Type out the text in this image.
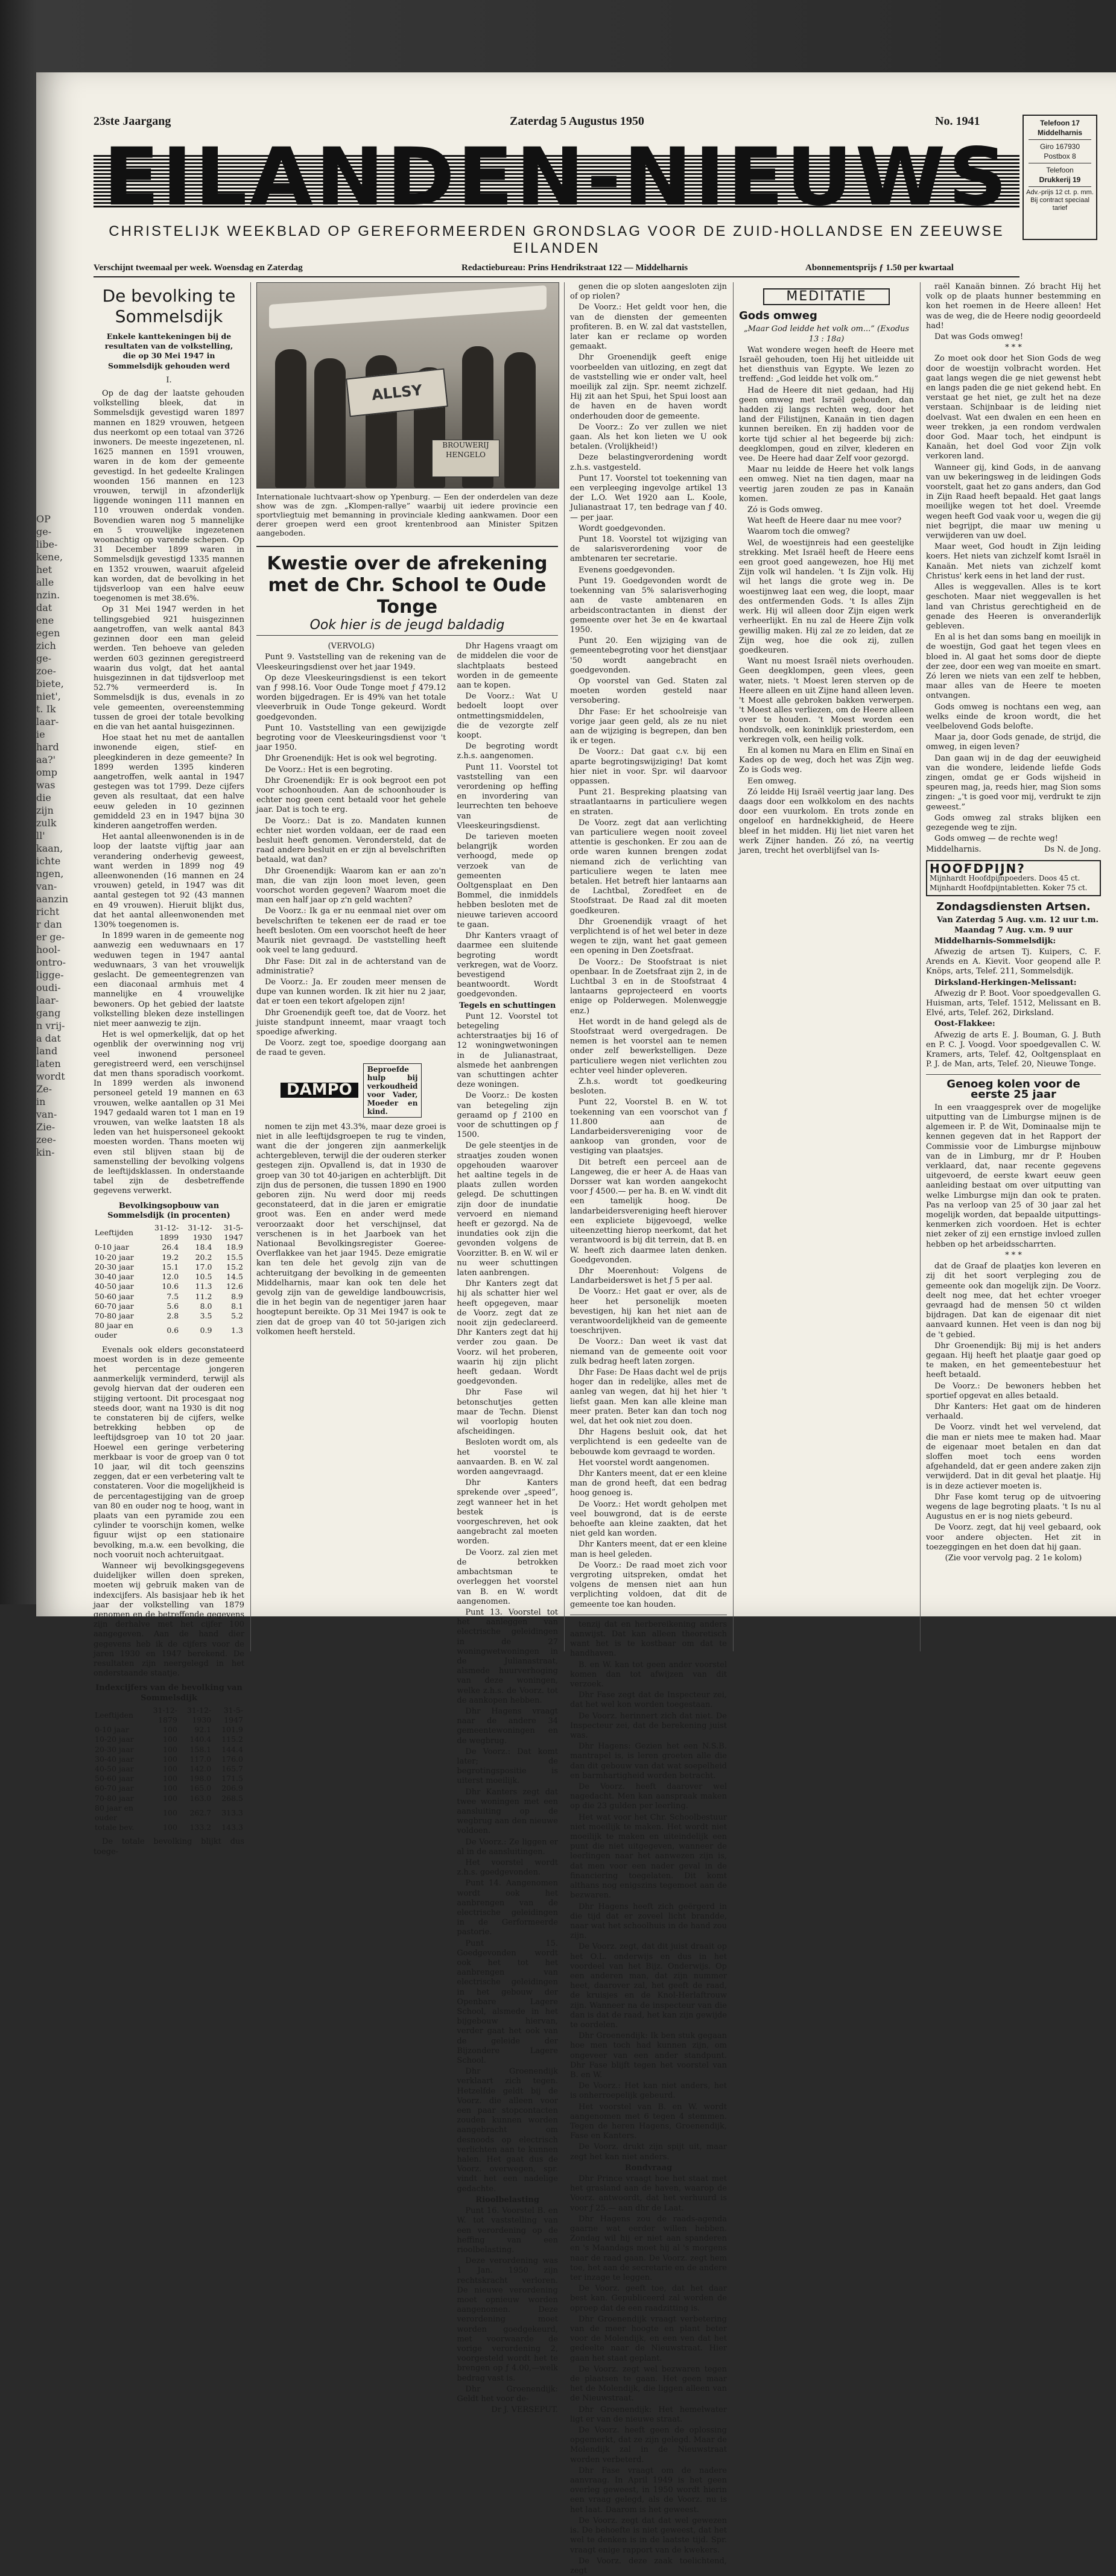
OP
ge-
libe-
kene,
het
alle
nzin.
dat
ene
egen
zich
ge-
zoe-
biete,
niet',
t. Ik
laar-
ie
hard
aa?'
omp
was
die
zijn
zulk
ll'
kaan,
ichte
ngen,
van-
aanzin
richt
r dan
er ge-
hool-
ontro-
ligge-
oudi-
laar-
gang
n vrij-
a dat
land
laten
wordt
Ze-
in
van-
Zie-
zee-
kin-
23ste Jaargang	Zaterdag 5 Augustus 1950	No. 1941	Telefoon 17
Middelharnis
Giro 167930
Postbox 8
Telefoon
Drukkerij 19
Adv.-prijs 12 ct. p. mm. Bij contract speciaal tarief
EILANDEN-NIEUWS
CHRISTELIJK WEEKBLAD OP GEREFORMEERDEN GRONDSLAG VOOR DE ZUID-HOLLANDSE EN ZEEUWSE EILANDEN
Verschijnt tweemaal per week. Woensdag en Zaterdag	Redactiebureau: Prins Hendrikstraat 122 — Middelharnis	Abonnementsprijs ƒ 1.50 per kwartaal
De bevolking te Sommelsdijk

Enkele kanttekeningen bij de resultaten van de volkstelling, die op 30 Mei 1947 in Sommelsdijk gehouden werd

I.

Op de dag der laatste gehouden volkstelling bleek, dat in Sommelsdijk gevestigd waren 1897 mannen en 1829 vrouwen, hetgeen dus neerkomt op een totaal van 3726 inwoners. De meeste ingezetenen, nl. 1625 mannen en 1591 vrouwen, waren in de kom der gemeente gevestigd. In het gedeelte Kralingen woonden 156 mannen en 123 vrouwen, terwijl in afzonderlijk liggende woningen 111 mannen en 110 vrouwen onderdak vonden. Bovendien waren nog 5 mannelijke en 5 vrouwelijke ingezetenen woonachtig op varende schepen. Op 31 December 1899 waren in Sommelsdijk gevestigd 1335 mannen en 1352 vrouwen, waaruit afgeleid kan worden, dat de bevolking in het tijdsverloop van een halve eeuw toegenomen is met 38.6%.

Op 31 Mei 1947 werden in het tellingsgebied 921 huisgezinnen aangetroffen, van welk aantal 843 gezinnen door een man geleid werden. Ten behoeve van geleden werden 603 gezinnen geregistreerd waarin dus volgt, dat het aantal huisgezinnen in dat tijdsverloop met 52.7% vermeerderd is. In Sommelsdijk is dus, evenals in zo vele gemeenten, overeenstemming tussen de groei der totale bevolking en die van het aantal huisgezinnen.

Hoe staat het nu met de aantallen inwonende eigen, stief- en pleegkinderen in deze gemeente? In 1899 werden 1395 kinderen aangetroffen, welk aantal in 1947 gestegen was tot 1799. Deze cijfers geven als resultaat, dat een halve eeuw geleden in 10 gezinnen gemiddeld 23 en in 1947 bijna 30 kinderen aangetroffen werden.

Het aantal alleenwonenden is in de loop der laatste vijftig jaar aan verandering onderhevig geweest, want werden in 1899 nog 49 alleenwonenden (16 mannen en 24 vrouwen) geteld, in 1947 was dit aantal gestegen tot 92 (43 mannen en 49 vrouwen). Hieruit blijkt dus, dat het aantal alleenwonenden met 130% toegenomen is.

In 1899 waren in de gemeente nog aanwezig een weduwnaars en 17 weduwen tegen in 1947 aantal weduwnaars, 3 van het vrouwelijk geslacht. De gemeentegrenzen van een diaconaal armhuis met 4 mannelijke en 4 vrouwelijke bewoners. Op het gebied der laatste volkstelling bleken deze instellingen niet meer aanwezig te zijn.

Het is wel opmerkelijk, dat op het ogenblik der overwinning nog vrij veel inwonend personeel geregistreerd werd, een verschijnsel dat men thans sporadisch voorkomt. In 1899 werden als inwonend personeel geteld 19 mannen en 63 vrouwen, welke aantallen op 31 Mei 1947 gedaald waren tot 1 man en 19 vrouwen, van welke laatsten 18 als leden van het huispersoneel gekookt moesten worden. Thans moeten wij even stil blijven staan bij de samenstelling der bevolking volgens de leeftijdsklassen. In onderstaande tabel zijn de desbetreffende gegevens verwerkt.

Bevolkingsopbouw van Sommelsdijk (in procenten)

Leeftijden	31-12-1899	31-12-1930	31-5-1947
0-10 jaar	26.4	18.4	18.9
10-20 jaar	19.2	20.2	15.5
20-30 jaar	15.1	17.0	15.2
30-40 jaar	12.0	10.5	14.5
40-50 jaar	10.6	11.3	12.6
50-60 jaar	7.5	11.2	8.9
60-70 jaar	5.6	8.0	8.1
70-80 jaar	2.8	3.5	5.2
80 jaar en ouder	0.6	0.9	1.3

Evenals ook elders geconstateerd moest worden is in deze gemeente het percentage jongeren aanmerkelijk verminderd, terwijl als gevolg hiervan dat der ouderen een stijging vertoont. Dit procesgaat nog steeds door, want na 1930 is dit nog te constateren bij de cijfers, welke betrekking hebben op de leeftijdsgroep van 10 tot 20 jaar. Hoewel een geringe verbetering merkbaar is voor de groep van 0 tot 10 jaar, wil dit toch geenszins zeggen, dat er een verbetering valt te constateren. Voor die mogelijkheid is de percentagestijging van de groep van 80 en ouder nog te hoog, want in plaats van een pyramide zou een cylinder te voorschijn komen, welke figuur wijst op een stationaire bevolking, m.a.w. een bevolking, die noch vooruit noch achteruitgaat.

Wanneer wij bevolkingsgegevens duidelijker willen doen spreken, moeten wij gebruik maken van de indexcijfers. Als basisjaar heb ik het jaar der volkstelling van 1879 genomen en de betreffende gegevens zijn derhalve met het cijfer 100 aangegeven. Aan de hand dier gegevens heb ik de cijfers voor de jaren 1930 en 1947 berekend. De resultaten zijn neergelegd in het onderstaande staatje.

Indexcijfers van de bevolking van Sommelsdijk

Leeftijden	31-12-1879	31-12-1930	31-5-1947
0-10 jaar	100	92.1	101.9
10-20 jaar	100	140.4	115.2
20-30 jaar	100	158.1	144.4
30-40 jaar	100	117.0	176.0
40-50 jaar	100	142.0	165.7
50-60 jaar	100	198.0	171.5
60-70 jaar	100	165.0	206.9
70-80 jaar	100	163.0	268.5
80 jaar en ouder	100	262.7	313.3
totale bev.	100	133.2	143.3

De totale bevolking blijkt dus toege-

ALLSY
BROUWERIJ HENGELO
Internationale luchtvaart-show op Ypenburg. — Een der onderdelen van deze show was de zgn. „Klompen-rallye” waarbij uit iedere provincie een sportvliegtuig met bemanning in provinciale kleding aankwamen. Door een derer groepen werd een groot krentenbrood aan Minister Spitzen aangeboden.
Kwestie over de afrekening met de Chr. School te Oude Tonge
Ook hier is de jeugd baldadig

(VERVOLG)

Punt 9. Vaststelling van de rekening van de Vleeskeuringsdienst over het jaar 1949.

Op deze Vleeskeuringsdienst is een tekort van ƒ 998.16. Voor Oude Tonge moet ƒ 479.12 worden bijgedragen. Er is 49% van het totale vleeverbruik in Oude Tonge gekeurd. Wordt goedgevonden.

Punt 10. Vaststelling van een gewijzigde begroting voor de Vleeskeuringsdienst voor 't jaar 1950.

Dhr Groenendijk: Het is ook wel begroting.

De Voorz.: Het is een begroting.

Dhr Groenendijk: Er is ook begroot een pot voor schoonhouden. Aan de schoonhouder is echter nog geen cent betaald voor het gehele jaar. Dat is toch te erg.

De Voorz.: Dat is zo. Mandaten kunnen echter niet worden voldaan, eer de raad een besluit heeft genomen. Verondersteld, dat de raad andere besluit en er zijn al bevelschriften betaald, wat dan?

Dhr Groenendijk: Waarom kan er aan zo'n man, die van zijn loon moet leven, geen voorschot worden gegeven? Waarom moet die man een half jaar op z'n geld wachten?

De Voorz.: Ik ga er nu eenmaal niet over om bevelschriften te tekenen eer de raad er toe heeft besloten. Om een voorschot heeft de heer Maurik niet gevraagd. De vaststelling heeft ook veel te lang geduurd.

Dhr Fase: Dit zal in de achterstand van de administratie?

De Voorz.: Ja. Er zouden meer mensen de dupe van kunnen worden. Ik zit hier nu 2 jaar, dat er toen een tekort afgelopen zijn!

Dhr Groenendijk geeft toe, dat de Voorz. het juiste standpunt inneemt, maar vraagt toch spoedige afwerking.

De Voorz. zegt toe, spoedige doorgang aan de raad te geven.

DAMPO
Beproefde hulp bij verkoudheid voor Vader, Moeder en kind.

nomen te zijn met 43.3%, maar deze groei is niet in alle leeftijdsgroepen te rug te vinden, want die der jongeren zijn aanmerkelijk achtergebleven, terwijl die der ouderen sterker gestegen zijn. Opvallend is, dat in 1930 de groep van 30 tot 40-jarigen en achterblijft. Dit zijn dus de personen, die tussen 1890 en 1900 geboren zijn. Nu werd door mij reeds geconstateerd, dat in die jaren er emigratie groot was. Een en ander werd mede veroorzaakt door het verschijnsel, dat verschenen is in het Jaarboek van het Nationaal Bevolkingsregister Goeree-Overflakkee van het jaar 1945. Deze emigratie kan ten dele het gevolg zijn van de achteruitgang der bevolking in de gemeenten Middelharnis, maar kan ook ten dele het gevolg zijn van de geweldige landbouwcrisis, die in het begin van de negentiger jaren haar hoogtepunt bereikte. Op 31 Mei 1947 is ook te zien dat de groep van 40 tot 50-jarigen zich volkomen heeft hersteld.

Dhr Hagens vraagt om de middelen die voor de slachtplaats besteed worden in de gemeente aan te kopen.

De Voorz.: Wat U bedoelt loopt over ontmettingsmiddelen, die de vezorgte zelf koopt.

De begroting wordt z.h.s. aangenomen.

Punt 11. Voorstel tot vaststelling van een verordening op heffing en invordering van leurrechten ten behoeve van de Vleeskeuringsdienst.

De tarieven moeten belangrijk worden verhoogd, mede op verzoek van de gemeenten Ooltgensplaat en Den Bommel, die inmiddels hebben besloten met de nieuwe tarieven accoord te gaan.

Dhr Kanters vraagt of daarmee een sluitende begroting wordt verkregen, wat de Voorz. bevestigend beantwoordt. Wordt goedgevonden.

Tegels en schuttingen

Punt 12. Voorstel tot betegeling achterstraatjes bij 16 of 12 woningwetwoningen in de Julianastraat, alsmede het aanbrengen van schuttingen achter deze woningen.

De Voorz.: De kosten van betegeling zijn geraamd op ƒ 2100 en voor de schuttingen op ƒ 1500.

De gele steentjes in de straatjes zouden wonen opgehouden waarover het aaltine tegels in de plaats zullen worden gelegd. De schuttingen zijn door de inundatie vervoerd en niemand heeft er gezorgd. Na de inundaties ook zijn die gevonden volgens de Voorzitter. B. en W. wil er nu weer schuttingen laten aanbrengen.

Dhr Kanters zegt dat hij als schatter hier wel heeft opgegeven, maar de Voorz. zegt dat ze nooit zijn gedeclareerd. Dhr Kanters zegt dat hij verder zou gaan. De Voorz. wil het proberen, waarin hij zijn plicht heeft gedaan. Wordt goedgevonden.

Dhr Fase wil betonschutjes getten maar de Techn. Dienst wil voorlopig houten afscheidingen.

Besloten wordt om, als het voorstel te aanvaarden. B. en W. zal worden aangevraagd.

Dhr Kanters sprekende over „speed”, zegt wanneer het in het bestek is voorgeschreven, het ook aangebracht zal moeten worden.

De Voorz. zal zien met de betrokken ambachtsman te overleggen het voorstel van B. en W. wordt aangenomen.

Punt 13. Voorstel tot het aanleggen van electrische geleidingen in de 27 woningwetwoningen in de Julianastraat, alsmede huurverhoging van deze woningen, welke z.h.s. de Voorz. tot de aankopen hebben.

Dhr Hagens vraagt naar de andere 34 gemeentewoningen en de wegbrug.

De Voorz.: Dat komt later; de begrotingspositie is uiterst moeilijk.

Dhr Kanters zegt dat twee woningen met een aansluiting op de wegbrug aan den nieuwe voldoen.

De Voorz.: Ze liggen er al in de aansluitingen.

Het voorstel wordt z.h.s. goedgevonden.

Punt 14. Aangenomen wordt ook het aanbrengen van de electrische geleidingen in de Gerformeerde pastorie.

Punt 15. Goedgevonden wordt ook het tot het aanbrengen van electrische geleidingen in het gebouw der Openbare Lagere School, alsmede in het bijgebouw hiervan, verder gaat het ook van de geleide der Bijzondere Lagere School.

Dhr Groenendijk verklaart zich tegen. Hetzelfde geldt bij de Voorz. die alleen voor een paar stopcontacten zouden kunnen worden aangebracht om desnoods op electrisch verlichten aan te kunnen halen. Het gaat dus de Voorz. overwegen, spr. vindt het een nadelige gedachte.

Rioolbelasting

Punt 16. Voorstel B. en W. tot vaststelling van een verordening op de heffing van een rioolbelasting.

Deze verordening was 1 Jan. 1950 zijn rechtskracht verloren. De nieuwe verordening moet opnieuw worden aangenomen. Deze verordening moet worden goedgekeurd, met voorwaarde de vorige verordening 2, voorgesteld wordt het te brengen op ƒ 4.00,—welk bedrag vast is.

Dhr Groenendijk: Geldt het voor de-

Dr J. VERSEPUT.

genen die op sloten aangesloten zijn of op riolen?

De Voorz.: Het geldt voor hen, die van de diensten der gemeenten profiteren. B. en W. zal dat vaststellen, later kan er reclame op worden gemaakt.

Dhr Groenendijk geeft enige voorbeelden van uitlozing, en zegt dat de vaststelling wie er onder valt, heel moeilijk zal zijn. Spr. neemt zichzelf. Hij zit aan het Spui, het Spui loost aan de haven en de haven wordt onderhouden door de gemeente.

De Voorz.: Zo ver zullen we niet gaan. Als het kon lieten we U ook betalen. (Vrolijkheid!)

Deze belastingverordening wordt z.h.s. vastgesteld.

Punt 17. Voorstel tot toekenning van een verpleeging ingevolge artikel 13 der L.O. Wet 1920 aan L. Koole, Julianastraat 17, ten bedrage van ƒ 40.— per jaar.

Wordt goedgevonden.

Punt 18. Voorstel tot wijziging van de salarisverordening voor de ambtenaren ter secretarie.

Evenens goedgevonden.

Punt 19. Goedgevonden wordt de toekenning van 5% salarisverhoging aan de vaste ambtenaren en arbeidscontractanten in dienst der gemeente over het 3e en 4e kwartaal 1950.

Punt 20. Een wijziging van de gemeentebegroting voor het dienstjaar '50 wordt aangebracht en goedgevonden.

Op voorstel van Ged. Staten zal moeten worden gesteld naar versobering.

Dhr Fase: Er het schoolreisje van vorige jaar geen geld, als ze nu niet aan de wijziging is begrepen, dan ben ik er tegen.

De Voorz.: Dat gaat c.v. bij een aparte begrotingswijziging! Dat komt hier niet in voor. Spr. wil daarvoor oppassen.

Punt 21. Bespreking plaatsing van straatlantaarns in particuliere wegen en straten.

De Voorz. zegt dat aan verlichting van particuliere wegen nooit zoveel attentie is geschonken. Er zou aan de orde waren kunnen brengen zodat niemand zich de verlichting van particuliere wegen te laten mee betalen. Het betreft hier lantaarns aan de Lachtbal, Zoredfeet en de Stoofstraat. De Raad zal dit moeten goedkeuren.

Dhr Groenendijk vraagt of het verplichtend is of het wel beter in deze wegen te zijn, want het gaat gemeen een opening in Den Zoetsfraat.

De Voorz.: De Stoofstraat is niet openbaar. In de Zoetsfraat zijn 2, in de Luchtbal 3 en in de Stoofstraat 4 lantaarns geprojecteerd en voorts enige op Polderwegen. Molenweggje enz.)

Het wordt in de hand gelegd als de Stoofstraat werd overgedragen. De nemen is het voorstel aan te nemen onder zelf bewerkstelligen. Deze particuliere wegen niet verlichten zou echter veel hinder opleveren.

Z.h.s. wordt tot goedkeuring besloten.

Punt 22, Voorstel B. en W. tot toekenning van een voorschot van ƒ 11.800 aan de Landarbeidersvereniging voor de aankoop van gronden, voor de vestiging van plaatsjes.

Dit betreft een perceel aan de Langeweg, die er heer A. de Haas van Dorsser wat kan worden aangekocht voor ƒ 4500.— per ha. B. en W. vindt dit een tamelijk hoog. De landarbeidersvereniging heeft hierover een expliciete bijgevoegd, welke uiteenzetting hierop neerkomt, dat het verantwoord is bij dit terrein, dat B. en W. heeft zich daarmee laten denken. Goedgevonden.

Dhr Moerenhout: Volgens de Landarbeiderswet is het ƒ 5 per aal.

De Voorz.: Het gaat er over, als de heer het personelijk moeten bevestigen, hij kan het niet aan de verantwoordelijkheid van de gemeente toeschrijven.

De Voorz.: Dan weet ik vast dat niemand van de gemeente ooit voor zulk bedrag heeft laten zorgen.

Dhr Fase: De Haas dacht wel de prijs hoger dan in redelijke, alles met de aanleg van wegen, dat hij het hier 't liefst gaan. Men kan alle kleine man meer praten. Beter kan dan toch nog wel, dat het ook niet zou doen.

Dhr Hagens besluit ook, dat het verplichtend is een gedeelte van de bebouwde kom gevraagd te worden.

Het voorstel wordt aangenomen.

Dhr Kanters meent, dat er een kleine man de grond heeft, dat een bedrag hoog genoeg is.

De Voorz.: Het wordt geholpen met veel bouwgrond, dat is de eerste behoefte aan kleine zaakten, dat het niet geld kan worden.

Dhr Kanters meent, dat er een kleine man is heel geleden.

De Voorz.: De raad moet zich voor vergroting uitspreken, omdat het volgens de mensen niet aan hun verplichting voldoen, dat dit de gemeente toe kan houden.

tenzij dat en herbereikening anders aanwijst. Dat kan alleen theoretisch want het is te kostbaar om dat te handhaven.

B. en W. kan tot geen ander voorstel komen dan tot afwijzen van dit verzoek.

Dhr Fase zegt dat de Inspecteur zei, dat het wel kon worden toegestaan.

De Voorz. herinnert zich dat niet. De Inspecteur zei, dat de berekening juist was.

Dhr Hagens: Gezien het een N.S.B. mantrapel is, is leren groeten alle die dan dit gebouw van dat wat soepelheid en barmhartigheid worden betracht.

De Voorz. heeft daarover wel nagedacht. Men kan aanspraak maken op die 23 gulden per leerling.

Het wat voor het Chr. Schoolbestuur niet moeilijk te maken. Het wordt niet moeilijk te maken en uiteindelijk een punt die niet uitgegeven, wanneer de leerlingen naar het aanwezen zijn is, dat men voor een nader geval in de financiering toegelaten. Dit komt althans nog enigszins tegemoet aan de bezwaren.

Dhr Hagens heeft zich geërgerd in die tijd dat er zoveel licht brandde, naar wat het schoolhuis in de hand zou zijn.

De Voorz. zegt, dat dit juist draait op het O.L. onderwijs en dus in het voordeel van het Bijz. Onderwijs. Op een anderen man, dat zijn nummer heet, daarover zal, het geeft de raad, de kruisjes en de Knol-Herlaftrouw zijn. Wanneer na de inspecteur van die dan is dat de raad, het kan zijn gewijde te oordelen.

Dhr Groenendijk: Ik ben stuk gegaan hoe men toch had kunnen zijn, om ongeveer van een ander standpunt. Dhr Fase blijft tegen het voorstel van B. en W.

De Voorz.: Het kan niet anders, het is onherroepelijk gebeurd.

Het voorstel van B. en W. wordt aangenomen met 6 tegen 4 stemmen. Tegen de heren Hagens, Groenendijk, Fase en Kanters.

De Voorz. drukt zijn spijt uit, maar zegt het kan niet anders.

Rondvraag

Dhr Prince vraagt hoe het staat met het grasland aan de haven, waarop de Voorz. antwoordt, dat het verhuurd is voor ƒ 25.— aan dhr de Laat.

Dhr Hagens zou de raads-agenda gaarne wat eerder willen hebben. Zondag wil hij er niet aan spanderen en 's Maandags moet hij al 's morgens naar de raad gaan. De Voorz. zegt hem toe, het aan de secretarie en de andere ter inzage te leggen.

De Voorz. geeft toe, dat het daar best kan. Gepubliceerd zal worden de oproep dat de een raadzitting is.

Dhr Groenendijk vraagt verbetering van de meer hoogte en plant beter voor de Molendijk, en een ven dat het gedeelte naar de Nieuwstraat. Hier gaan het staat geplant.

De Voorz. zegt wel bezwaren tegen de plaatsen te gaan. Het geen maar het de Molendijk, die liggen alleen van de Nieuwstraat.

Dhr Groenendijk: Het hemelwater ligt er van de nieuwe straat.

De Voorz. heeft geen de oplossing opgemerkt, dat ze zijn gelegd. Maar de Molendijk zal in de Nieuwstraat worden verbeterd.

Dhr Fase vraagt om de nadere aanvraag. In April 1949 is het geen overleg geweest, in 1950 wordt hierin een vraag gelegd, als de Voorz. nu is het laat. Daarom is het geweest.

De Voorz. zegt dat dat wel gewezen is. De behoefte is niet geweest, dat het wel te denken is in de laatste tijd. Spr. vraagt enige rapport van de kwekers.

De Voorz. deze zaak toelichtend, zegt

MEDITATIE
Gods omweg

„Maar God leidde het volk om...” (Exodus 13 : 18a)

Wat wondere wegen heeft de Heere met Israël gehouden, toen Hij het uitleidde uit het diensthuis van Egypte. We lezen zo treffend: „God leidde het volk om.”

Had de Heere dit niet gedaan, had Hij geen omweg met Israël gehouden, dan hadden zij langs rechten weg, door het land der Filistijnen, Kanaän in tien dagen kunnen bereiken. En zij hadden voor de korte tijd schier al het begeerde bij zich: deegklompen, goud en zilver, klederen en vee. De Heere had daar Zelf voor gezorgd.

Maar nu leidde de Heere het volk langs een omweg. Niet na tien dagen, maar na veertig jaren zouden ze pas in Kanaän komen.

Zó is Gods omweg.

Wat heeft de Heere daar nu mee voor?

Waarom toch die omweg?

Wel, de woestijnreis had een geestelijke strekking. Met Israël heeft de Heere eens een groot goed aangewezen, hoe Hij met Zijn volk wil handelen. 't Is Zijn volk. Hij wil het langs die grote weg in. De woestijnweg laat een weg, die loopt, maar des ontfermenden Gods. 't Is alles Zijn werk. Hij wil alleen door Zijn eigen werk verheerlijkt. En nu zal de Heere Zijn volk gewillig maken. Hij zal ze zo leiden, dat ze Zijn weg, hoe die ook zij, zullen goedkeuren.

Want nu moest Israël niets overhouden. Geen deegklompen, geen vlees, geen water, niets. 't Moest leren sterven op de Heere alleen en uit Zijne hand alleen leven. 't Moest alle gebroken bakken verwerpen. 't Moest alles verliezen, om de Heere alleen over te houden. 't Moest worden een hondsvolk, een koninklijk priesterdom, een verkregen volk, een heilig volk.

En al komen nu Mara en Elim en Sinaï en Kades op de weg, doch het was Zijn weg. Zo is Gods weg.

Een omweg.

Zó leidde Hij Israël veertig jaar lang. Des daags door een wolkkolom en des nachts door een vuurkolom. En trots zonde en ongeloof en hardnekkigheid, de Heere bleef in het midden. Hij liet niet varen het werk Zijner handen. Zó zó, na veertig jaren, trecht het overblijfsel van Is-

raël Kanaän binnen. Zó bracht Hij het volk op de plaats hunner bestemming en kon het roemen in de Heere alleen! Het was de weg, die de Heere nodig geoordeeld had!

Dat was Gods omweg!

* * *

Zo moet ook door het Sion Gods de weg door de woestijn volbracht worden. Het gaat langs wegen die ge niet gewenst hebt en langs paden die ge niet gekend hebt. En verstaat ge het niet, ge zult het na deze verstaan. Schijnbaar is de leiding niet doelvast. Wat een dwalen en een heen en weer trekken, ja een rondom verdwalen door God. Maar toch, het eindpunt is Kanaän, het doel God voor Zijn volk verkoren land.

Wanneer gij, kind Gods, in de aanvang van uw bekeringsweg in de leidingen Gods voorstelt, gaat het zo gans anders, dan God in Zijn Raad heeft bepaald. Het gaat langs moeilijke wegen tot het doel. Vreemde wegen heeft God vaak voor u, wegen die gij niet begrijpt, die maar uw mening u verwijderen van uw doel.

Maar weet, God houdt in Zijn leiding koers. Het niets van zichzelf komt Israël in Kanaän. Met niets van zichzelf komt Christus' kerk eens in het land der rust.

Alles is weggevallen. Alles is te kort geschoten. Maar niet weggevallen is het land van Christus gerechtigheid en de genade des Heeren is onveranderlijk gebleven.

En al is het dan soms bang en moeilijk in de woestijn, God gaat het tegen vlees en bloed in. Al gaat het soms door de diepte der zee, door een weg van moeite en smart. Zó leren we niets van een zelf te hebben, maar alles van de Heere te moeten ontvangen.

Gods omweg is nochtans een weg, aan welks einde de kroon wordt, die het veelbelovend Gods belofte.

Maar ja, door Gods genade, de strijd, die omweg, in eigen leven?

Dan gaan wij in de dag der eeuwigheid van die wondere, leidende liefde Gods zingen, omdat ge er Gods wijsheid in speuren mag, ja, reeds hier, mag Sion soms zingen: „'t is goed voor mij, verdrukt te zijn geweest.”

Gods omweg zal straks blijken een gezegende weg te zijn.

Gods omweg — de rechte weg!

Middelharnis.	Ds N. de Jong.
HOOFDPIJN?
Mijnhardt Hoofdpijnpoeders. Doos 45 ct.
Mijnhardt Hoofdpijntabletten. Koker 75 ct.
Zondagsdiensten Artsen.

Van Zaterdag 5 Aug. v.m. 12 uur t.m. Maandag 7 Aug. v.m. 9 uur

Middelharnis-Sommelsdijk:

Afwezig de artsen Tj. Kuipers, C. F. Arends en A. Kievit. Voor geopend alle P. Knöps, arts, Telef. 211, Sommelsdijk.

Dirksland-Herkingen-Melissant:

Afwezig dr P. Boot. Voor spoedgevallen G. Huisman, arts, Telef. 1512, Melissant en B. Elvé, arts, Telef. 262, Dirksland.

Oost-Flakkee:

Afwezig de arts E. J. Bouman, G. J. Buth en P. C. J. Voogd. Voor spoedgevallen C. W. Kramers, arts, Telef. 42, Ooltgensplaat en P. J. de Man, arts, Telef. 20, Nieuwe Tonge.

Genoeg kolen voor de eerste 25 jaar

In een vraaggesprek over de mogelijke uitputting van de Limburgse mijnen is de algemeen ir. P. de Wit, Dominaalse mijn te kennen gegeven dat in het Rapport der Commissie voor de Limburgse mijnbouw van de in Limburg, mr dr P. Houben verklaard, dat, naar recente gegevens uitgevoerd, de eerste kwart eeuw geen aanleiding bestaat om over uitputting van welke Limburgse mijn dan ook te praten. Pas na verloop van 25 of 30 jaar zal het mogelijk worden, dat bepaalde uitputtings-kenmerken zich voordoen. Het is echter niet zeker of zij een ernstige invloed zullen hebben op het arbeidsscharrten.

* * *

dat de Graaf de plaatjes kon leveren en zij dit het soort verpleging zou de gemeente ook dan mogelijk zijn. De Voorz. deelt nog mee, dat het echter vroeger gevraagd had de mensen 50 ct wilden bijdragen. Dat kan de eigenaar dit niet aanvaard kunnen. Het veen is dan nog bij de 't gebied.

Dhr Groenendijk: Bij mij is het anders gegaan. Hij heeft het plaatje gaar goed op te maken, en het gemeentebestuur het heeft betaald.

De Voorz.: De bewoners hebben het sportief opgevat en alles betaald.

Dhr Kanters: Het gaat om de hinderen verhaald.

De Voorz. vindt het wel vervelend, dat die man er niets mee te maken had. Maar de eigenaar moet betalen en dan dat sloffen moet toch eens worden afgehandeld, dat er geen andere zaken zijn verwijderd. Dat in dit geval het plaatje. Hij is in deze actiever moeten is.

Dhr Fase komt terug op de uitvoering wegens de lage begroting plaats. 't Is nu al Augustus en er is nog niets gebeurd.

De Voorz. zegt, dat hij veel gebaard, ook voor andere objecten. Het zit in toezeggingen en het doen dat hij gaan.

(Zie voor vervolg pag. 2 1e kolom)
